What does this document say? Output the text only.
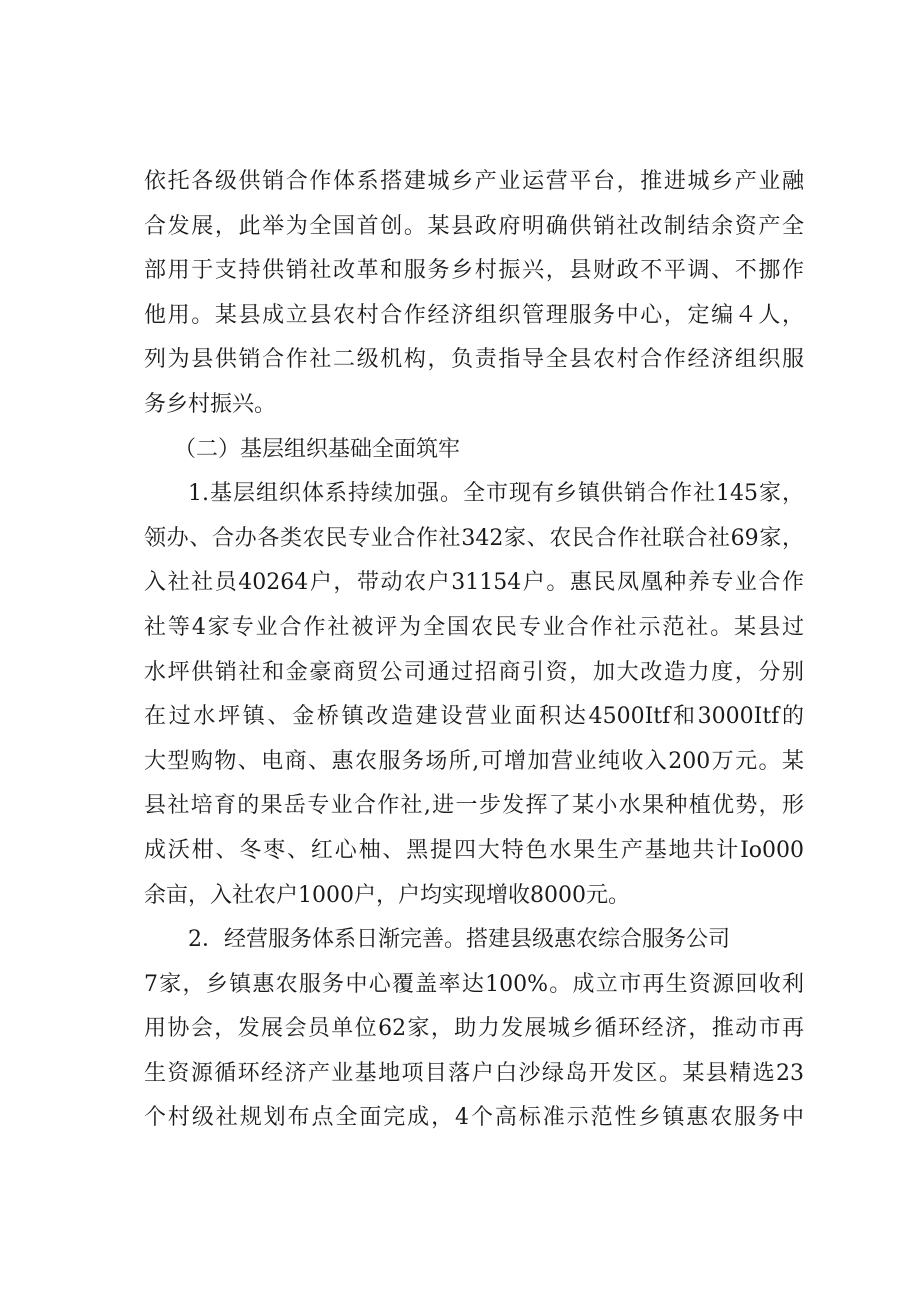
依托各级供销合作体系搭建城乡产业运营平台，推进城乡产业融
合发展，此举为全国首创。某县政府明确供销社改制结余资产全
部用于支持供销社改革和服务乡村振兴，县财政不平调、不挪作
他用。某县成立县农村合作经济组织管理服务中心，定编４人，
列为县供销合作社二级机构，负责指导全县农村合作经济组织服
务乡村振兴。
（二）基层组织基础全面筑牢
1.基层组织体系持续加强。全市现有乡镇供销合作社145家，
领办、合办各类农民专业合作社342家、农民合作社联合社69家，
入社社员40264户，带动农户31154户。惠民凤凰种养专业合作
社等4家专业合作社被评为全国农民专业合作社示范社。某县过
水坪供销社和金豪商贸公司通过招商引资，加大改造力度，分别
在过水坪镇、金桥镇改造建设营业面积达4500Itf和3000Itf的
大型购物、电商、惠农服务场所,可增加营业纯收入200万元。某
县社培育的果岳专业合作社,进一步发挥了某小水果种植优势，形
成沃柑、冬枣、红心柚、黑提四大特色水果生产基地共计Io000
余亩，入社农户1000户，户均实现增收8000元。
2．经营服务体系日渐完善。搭建县级惠农综合服务公司
7家，乡镇惠农服务中心覆盖率达100%。成立市再生资源回收利
用协会，发展会员单位62家，助力发展城乡循环经济，推动市再
生资源循环经济产业基地项目落户白沙绿岛开发区。某县精选23
个村级社规划布点全面完成，4个高标准示范性乡镇惠农服务中
